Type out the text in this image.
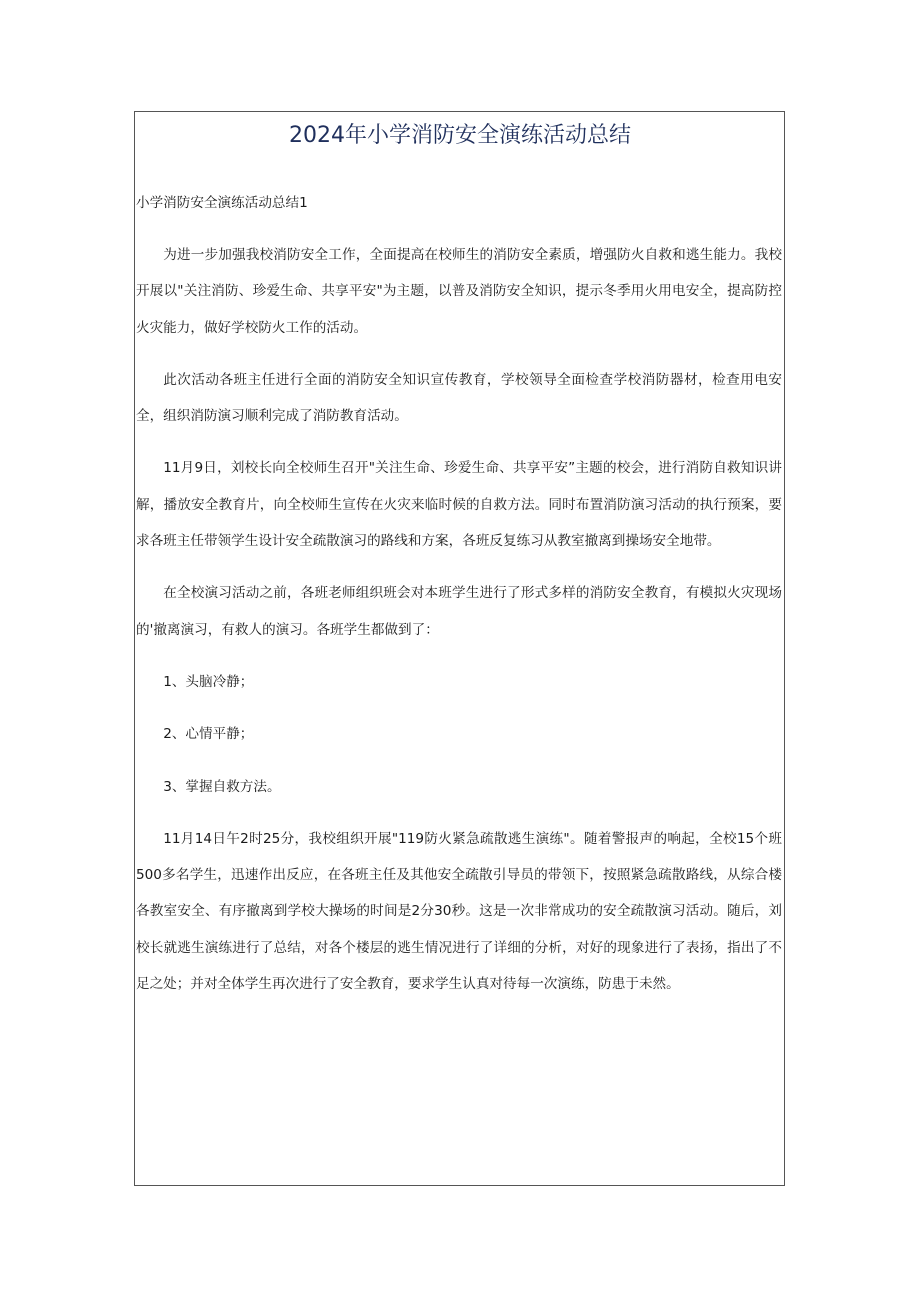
2024年小学消防安全演练活动总结

小学消防安全演练活动总结1

为进一步加强我校消防安全工作，全面提高在校师生的消防安全素质，增强防火自救和逃生能力。我校开展以"关注消防、珍爱生命、共享平安"为主题，以普及消防安全知识，提示冬季用火用电安全，提高防控火灾能力，做好学校防火工作的活动。

此次活动各班主任进行全面的消防安全知识宣传教育，学校领导全面检查学校消防器材，检查用电安全，组织消防演习顺利完成了消防教育活动。

11月9日，刘校长向全校师生召开"关注生命、珍爱生命、共享平安”主题的校会，进行消防自救知识讲解，播放安全教育片，向全校师生宣传在火灾来临时候的自救方法。同时布置消防演习活动的执行预案，要求各班主任带领学生设计安全疏散演习的路线和方案，各班反复练习从教室撤离到操场安全地带。

在全校演习活动之前，各班老师组织班会对本班学生进行了形式多样的消防安全教育，有模拟火灾现场的'撤离演习，有救人的演习。各班学生都做到了：

1、头脑冷静；

2、心情平静；

3、掌握自救方法。

11月14日午2时25分，我校组织开展"119防火紧急疏散逃生演练"。随着警报声的响起，全校15个班500多名学生，迅速作出反应，在各班主任及其他安全疏散引导员的带领下，按照紧急疏散路线，从综合楼各教室安全、有序撤离到学校大操场的时间是2分30秒。这是一次非常成功的安全疏散演习活动。随后，刘校长就逃生演练进行了总结，对各个楼层的逃生情况进行了详细的分析，对好的现象进行了表扬，指出了不足之处；并对全体学生再次进行了安全教育，要求学生认真对待每一次演练，防患于未然。
